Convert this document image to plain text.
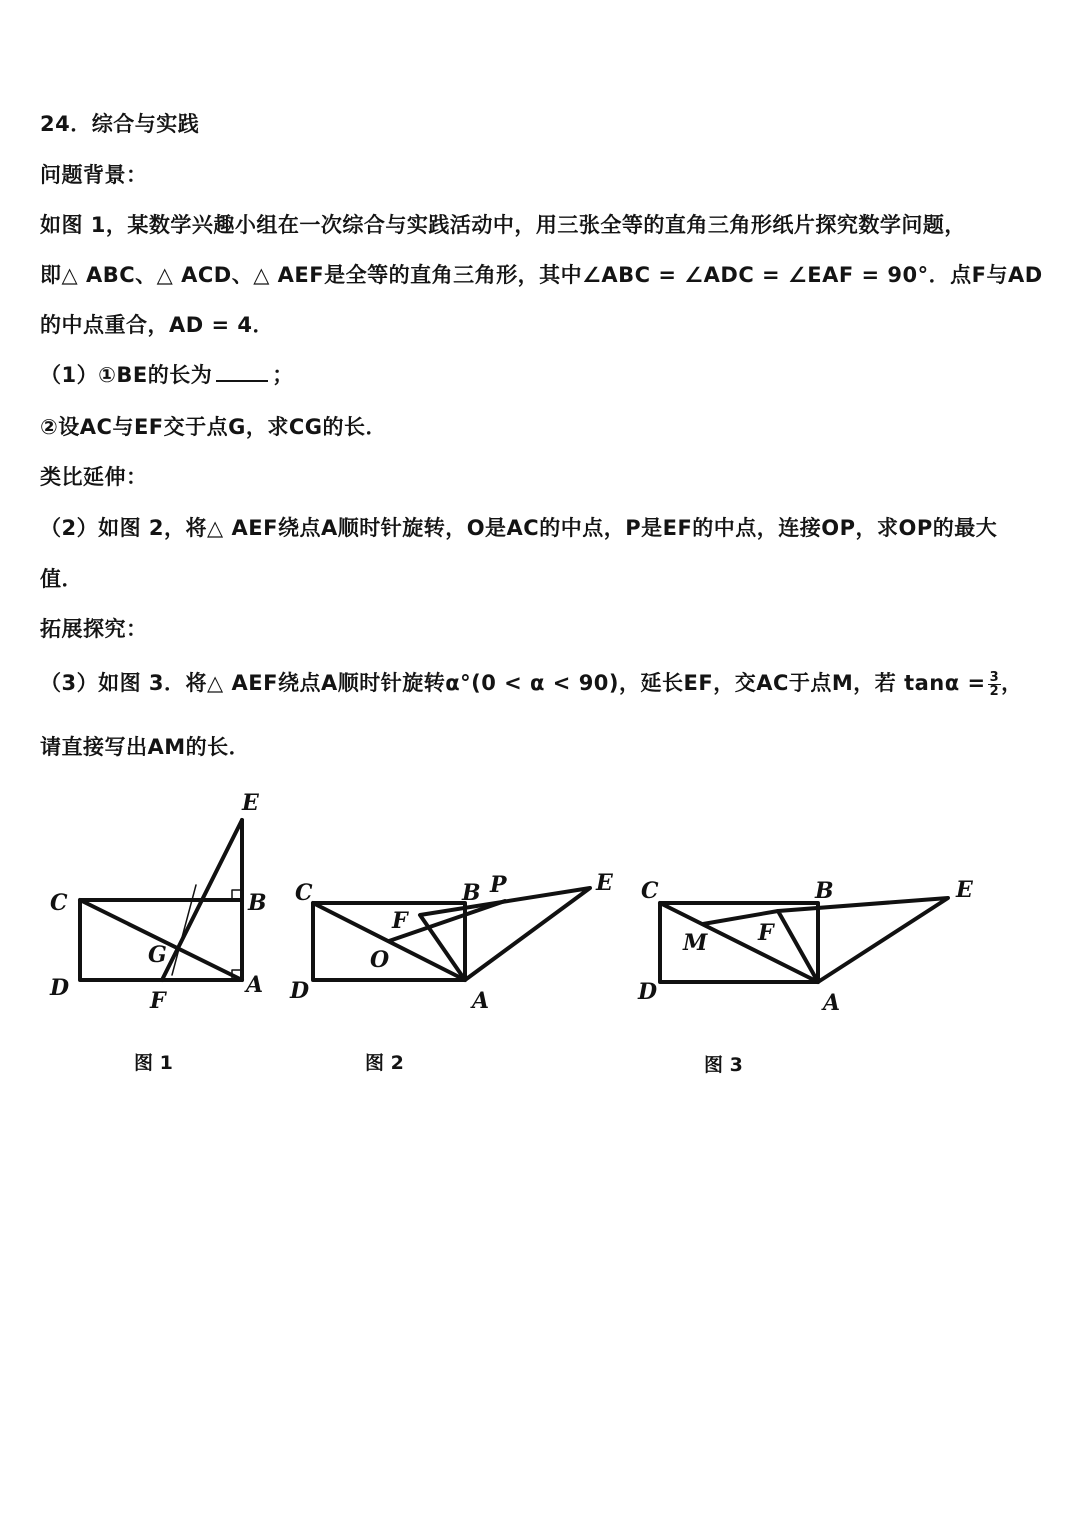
24．综合与实践

问题背景：

如图 1，某数学兴趣小组在一次综合与实践活动中，用三张全等的直角三角形纸片探究数学问题，

即△ ABC、△ ACD、△ AEF是全等的直角三角形，其中∠ABC = ∠ADC = ∠EAF = 90°．点F与AD

的中点重合，AD = 4．

（1）①BE的长为	；

②设AC与EF交于点G，求CG的长．

类比延伸：

（2）如图 2，将△ AEF绕点A顺时针旋转，O是AC的中点，P是EF的中点，连接OP，求OP的最大

值．

拓展探究：

（3）如图 3．将△ AEF绕点A顺时针旋转α°(0 < α < 90)，延长EF，交AC于点M，若 $\tan\alpha = \frac{3}{2}$ ，

请直接写出AM的长．

E
C	B
G
D	A
F

图 1

C	B P	E
F
O
D	A

图 2

C	B	E
M F
D	A

图 3
